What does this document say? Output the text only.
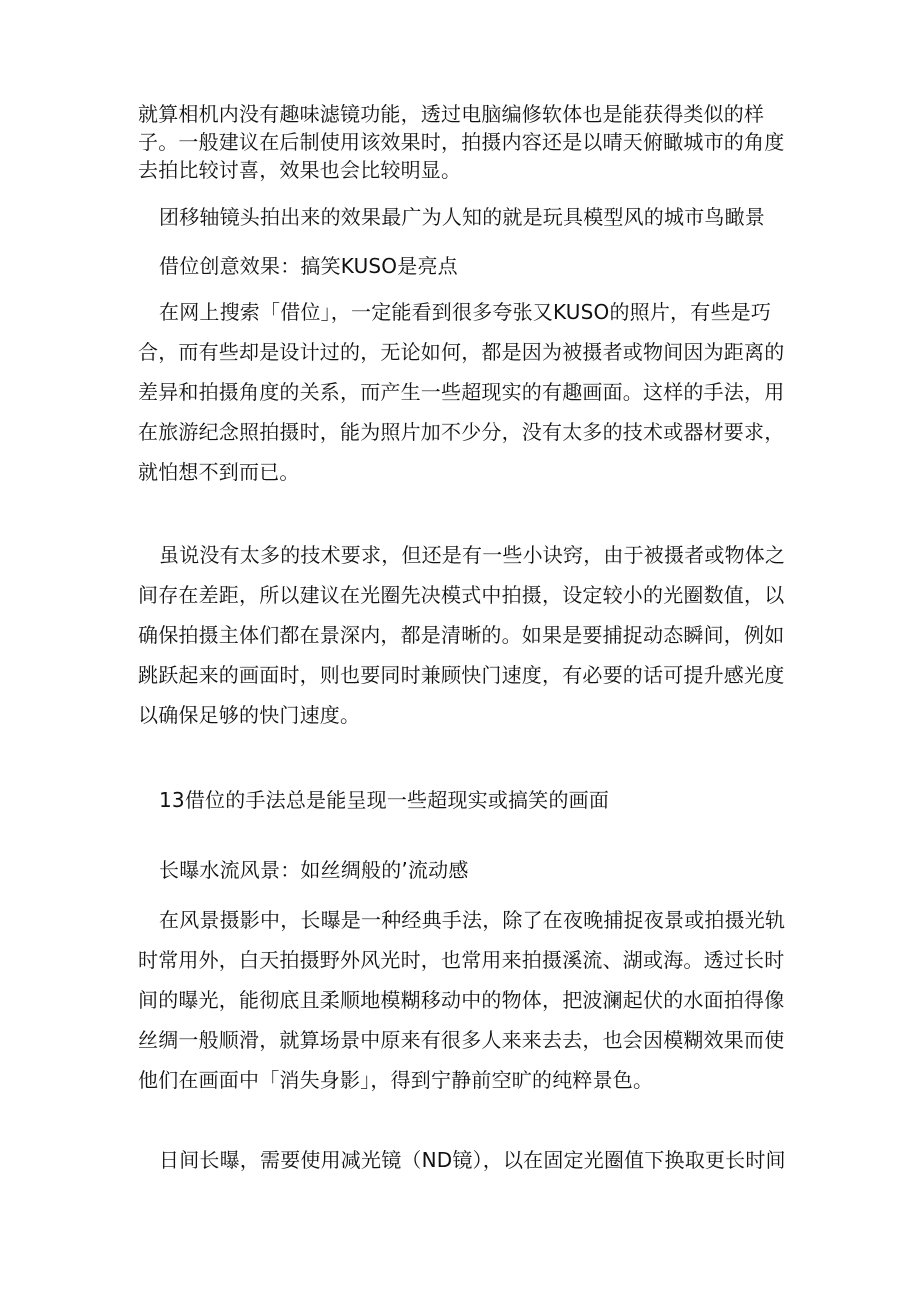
就算相机内没有趣味滤镜功能，透过电脑编修软体也是能获得类似的样子。一般建议在后制使用该效果时，拍摄内容还是以晴天俯瞰城市的角度去拍比较讨喜，效果也会比较明显。

团移轴镜头拍出来的效果最广为人知的就是玩具模型风的城市鸟瞰景

借位创意效果：搞笑KUSO是亮点

在网上搜索「借位」，一定能看到很多夸张又KUSO的照片，有些是巧合，而有些却是设计过的，无论如何，都是因为被摄者或物间因为距离的差异和拍摄角度的关系，而产生一些超现实的有趣画面。这样的手法，用在旅游纪念照拍摄时，能为照片加不少分，没有太多的技术或器材要求，就怕想不到而已。

虽说没有太多的技术要求，但还是有一些小诀窍，由于被摄者或物体之间存在差距，所以建议在光圈先决模式中拍摄，设定较小的光圈数值，以确保拍摄主体们都在景深内，都是清晰的。如果是要捕捉动态瞬间，例如跳跃起来的画面时，则也要同时兼顾快门速度，有必要的话可提升感光度以确保足够的快门速度。

13借位的手法总是能呈现一些超现实或搞笑的画面

长曝水流风景：如丝绸般的’流动感

在风景摄影中，长曝是一种经典手法，除了在夜晚捕捉夜景或拍摄光轨时常用外，白天拍摄野外风光时，也常用来拍摄溪流、湖或海。透过长时间的曝光，能彻底且柔顺地模糊移动中的物体，把波澜起伏的水面拍得像丝绸一般顺滑，就算场景中原来有很多人来来去去，也会因模糊效果而使他们在画面中「消失身影」，得到宁静前空旷的纯粹景色。

日间长曝，需要使用减光镜（ND镜），以在固定光圈值下换取更长时间
